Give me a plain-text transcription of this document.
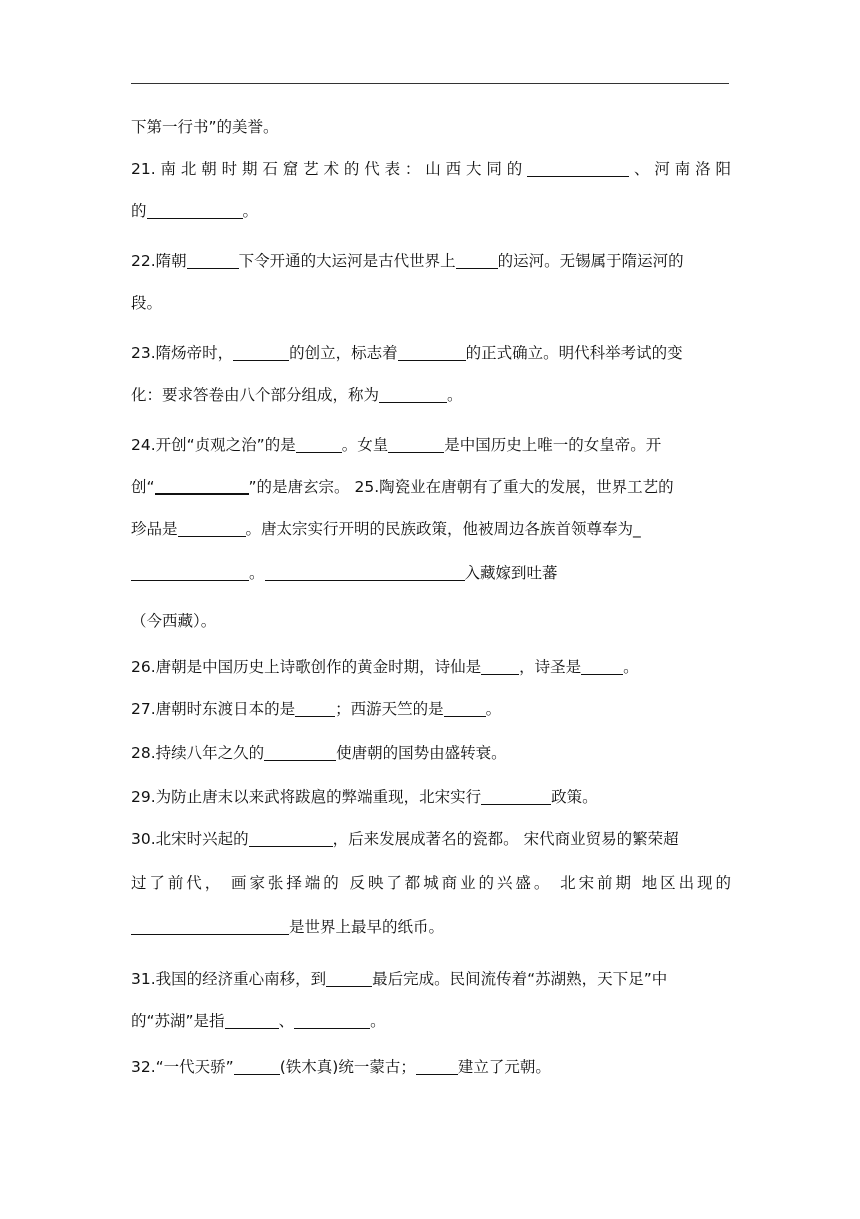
下第一行书”的美誉。
21.南北朝时期石窟艺术的代表：山西大同的	、河南洛阳
的	。
22.隋朝	下令开通的大运河是古代世界上	的运河。无锡属于隋运河的
段。
23.隋炀帝时，	的创立，标志着	的正式确立。明代科举考试的变
化：要求答卷由八个部分组成，称为	。
24.开创“贞观之治”的是	。女皇	是中国历史上唯一的女皇帝。开
创“	”的是唐玄宗。 25.陶瓷业在唐朝有了重大的发展，世界工艺的
珍品是	。唐太宗实行开明的民族政策，他被周边各族首领尊奉为_
。	入藏嫁到吐蕃
（今西藏）。
26.唐朝是中国历史上诗歌创作的黄金时期，诗仙是 ，诗圣是	。
27.唐朝时东渡日本的是	；西游天竺的是	。
28.持续八年之久的	使唐朝的国势由盛转衰。
29.为防止唐末以来武将跋扈的弊端重现，北宋实行	政策。
30.北宋时兴起的	，后来发展成著名的瓷都。 宋代商业贸易的繁荣超
过了前代， 画家张择端的 反映了都城商业的兴盛。 北宋前期 地区出现的
是世界上最早的纸币。
31.我国的经济重心南移，到	最后完成。民间流传着“苏湖熟，天下足”中
的“苏湖”是指	、	。
32.“一代天骄”	(铁木真)统一蒙古；	建立了元朝。
